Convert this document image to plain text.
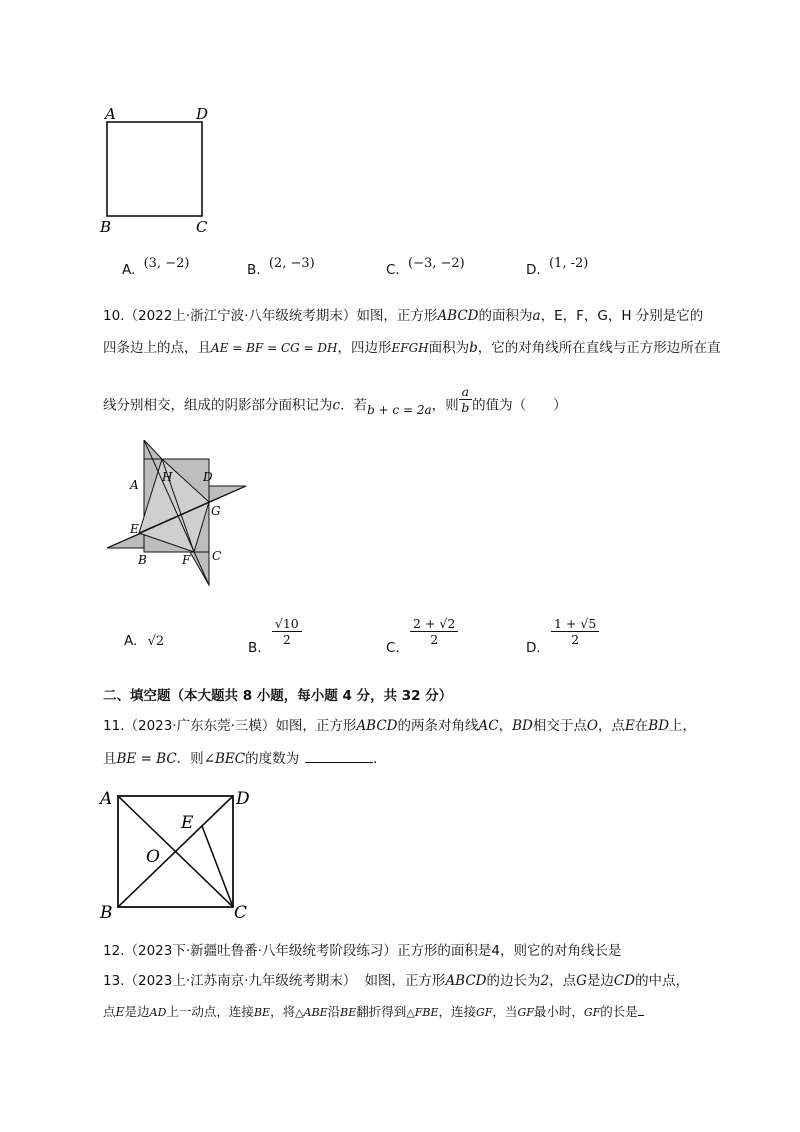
A	D
B	C
A. (3, −2)	B. (2, −3)	C. (−3, −2)	D. (1, -2)
10.（2022上·浙江宁波·八年级统考期末）如图，正方形ABCD的面积为a，E，F，G，H 分别是它的
四条边上的点，且AE = BF = CG = DH，四边形EFGH面积为b，它的对角线所在直线与正方形边所在直
线分别相交，组成的阴影部分面积记为c．若b + c = 2a，则 $\frac{a}{b}$ 的值为（　　）
A
H	D
G
E
B	F C
A. √2	B.
$\frac{√10}{2}$
C.
$\frac{2 + √2}{2}$
D.
$\frac{1 + √5}{2}$
二、填空题（本大题共 8 小题，每小题 4 分，共 32 分）
11.（2023·广东东莞·三模）如图，正方形ABCD的两条对角线AC，BD相交于点O，点E在BD上，
且BE = BC．则∠BEC的度数为	．
A	D
E
O
B	C
12.（2023下·新疆吐鲁番·八年级统考阶段练习）正方形的面积是4，则它的对角线长是
13.（2023上·江苏南京·九年级统考期末） 如图，正方形ABCD的边长为2，点G是边CD的中点，
点E是边AD上一动点，连接BE，将△ABE沿BE翻折得到△FBE，连接GF，当GF最小时，GF的长是
